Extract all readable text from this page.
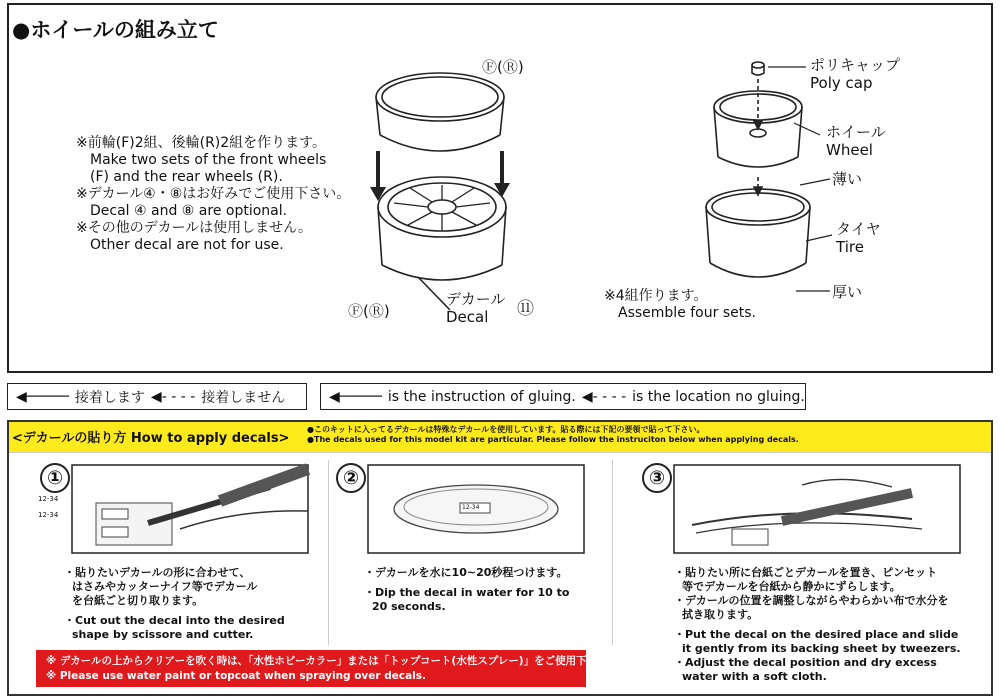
●ホイールの組み立て
※前輪(F)2組、後輪(R)2組を作ります。
Make two sets of the front wheels
(F) and the rear wheels (R).
※デカール④・⑧はお好みでご使用下さい。
Decal ④ and ⑧ are optional.
※その他のデカールは使用しません。
Other decal are not for use.
Ⓕ(Ⓡ)
Ⓕ(Ⓡ)
デカール
Decal	⑪
ポリキャップ
Poly cap
ホイール
Wheel
薄い
タイヤ
Tire
厚い
※4組作ります。
Assemble four sets.
◀───── 接着します ◀- - - - 接着しません	◀───── is the instruction of gluing. ◀- - - - is the location no gluing.
<デカールの貼り方 How to apply decals>
●このキットに入ってるデカールは特殊なデカールを使用しています。貼る際には下記の要領で貼って下さい。
●The decals used for this model kit are particular. Please follow the instruciton below when applying decals.
①
12-34
12-34
・貼りたいデカールの形に合わせて、
はさみやカッターナイフ等でデカール
を台紙ごと切り取ります。
・Cut out the decal into the desired
shape by scissore and cutter.
②
12-34
・デカールを水に10~20秒程つけます。
・Dip the decal in water for 10 to
20 seconds.
③
・貼りたい所に台紙ごとデカールを置き、ピンセット
等でデカールを台紙から静かにずらします。
・デカールの位置を調整しながらやわらかい布で水分を
拭き取ります。
・Put the decal on the desired place and slide
it gently from its backing sheet by tweezers.
・Adjust the decal position and dry excess
water with a soft cloth.
※ デカールの上からクリアーを吹く時は、「水性ホビーカラー」または「トップコート(水性スプレー)」をご使用下さい。
※ Please use water paint or topcoat when spraying over decals.
